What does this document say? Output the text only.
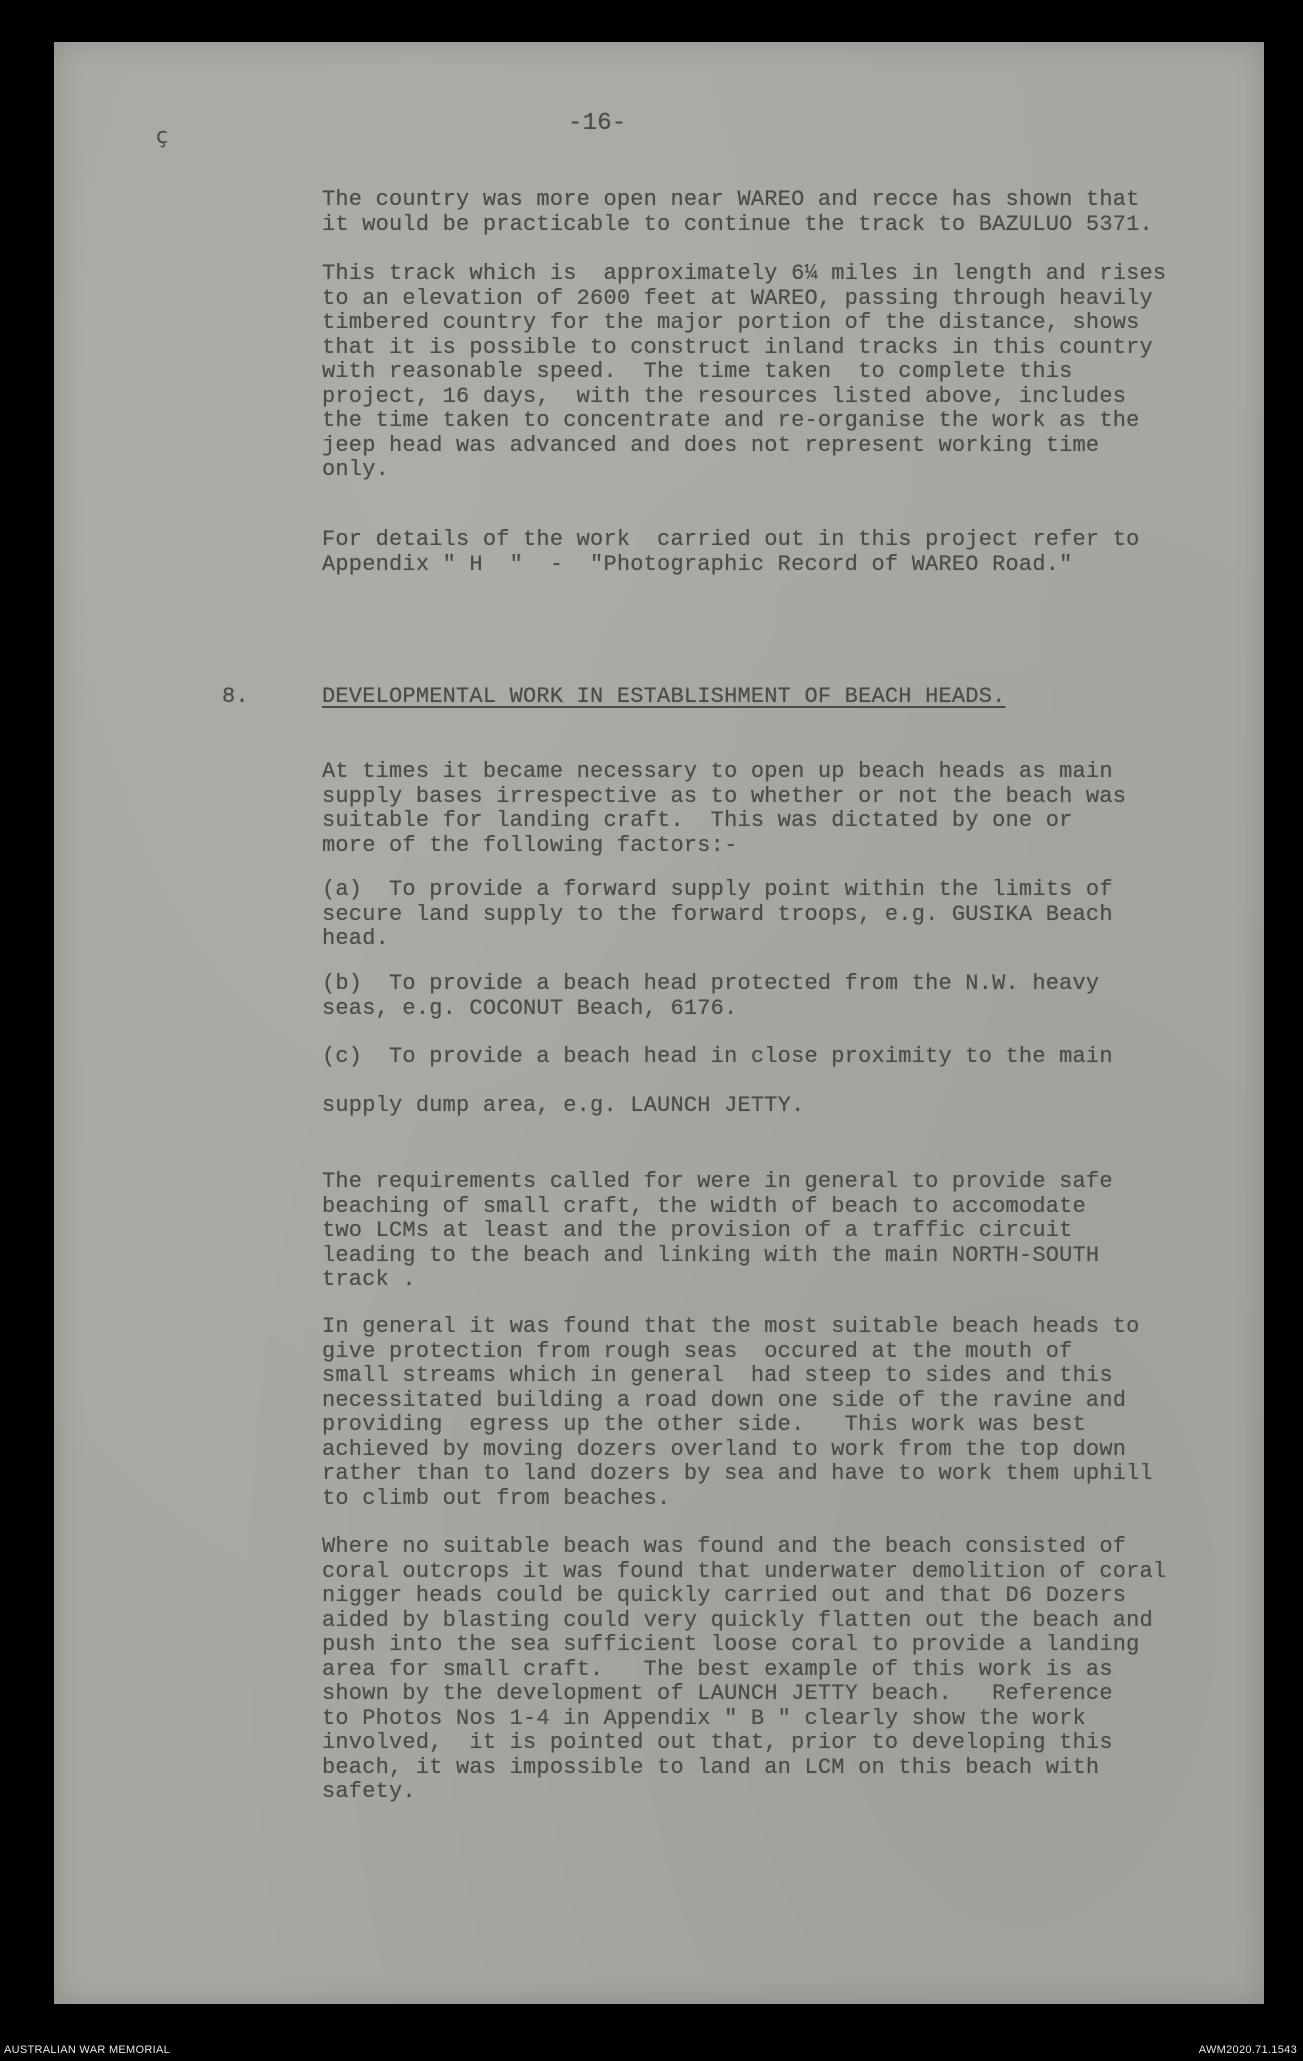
ç	-16-
The country was more open near WAREO and recce has shown that
it would be practicable to continue the track to BAZULUO 5371.
This track which is  approximately 6¼ miles in length and rises
to an elevation of 2600 feet at WAREO, passing through heavily
timbered country for the major portion of the distance, shows
that it is possible to construct inland tracks in this country
with reasonable speed.  The time taken  to complete this
project, 16 days,  with the resources listed above, includes
the time taken to concentrate and re-organise the work as the
jeep head was advanced and does not represent working time
only.
For details of the work  carried out in this project refer to
Appendix " H  "  -  "Photographic Record of WAREO Road."
8.	DEVELOPMENTAL WORK IN ESTABLISHMENT OF BEACH HEADS.
At times it became necessary to open up beach heads as main
supply bases irrespective as to whether or not the beach was
suitable for landing craft.  This was dictated by one or
more of the following factors:-
(a)  To provide a forward supply point within the limits of
secure land supply to the forward troops, e.g. GUSIKA Beach
head.
(b)  To provide a beach head protected from the N.W. heavy
seas, e.g. COCONUT Beach, 6176.
(c)  To provide a beach head in close proximity to the main

supply dump area, e.g. LAUNCH JETTY.
The requirements called for were in general to provide safe
beaching of small craft, the width of beach to accomodate
two LCMs at least and the provision of a traffic circuit
leading to the beach and linking with the main NORTH-SOUTH
track .
In general it was found that the most suitable beach heads to
give protection from rough seas  occured at the mouth of
small streams which in general  had steep to sides and this
necessitated building a road down one side of the ravine and
providing  egress up the other side.   This work was best
achieved by moving dozers overland to work from the top down
rather than to land dozers by sea and have to work them uphill
to climb out from beaches.
Where no suitable beach was found and the beach consisted of
coral outcrops it was found that underwater demolition of coral
nigger heads could be quickly carried out and that D6 Dozers
aided by blasting could very quickly flatten out the beach and
push into the sea sufficient loose coral to provide a landing
area for small craft.   The best example of this work is as
shown by the development of LAUNCH JETTY beach.   Reference
to Photos Nos 1-4 in Appendix " B " clearly show the work
involved,  it is pointed out that, prior to developing this
beach, it was impossible to land an LCM on this beach with
safety.
AUSTRALIAN WAR MEMORIAL	AWM2020.71.1543
